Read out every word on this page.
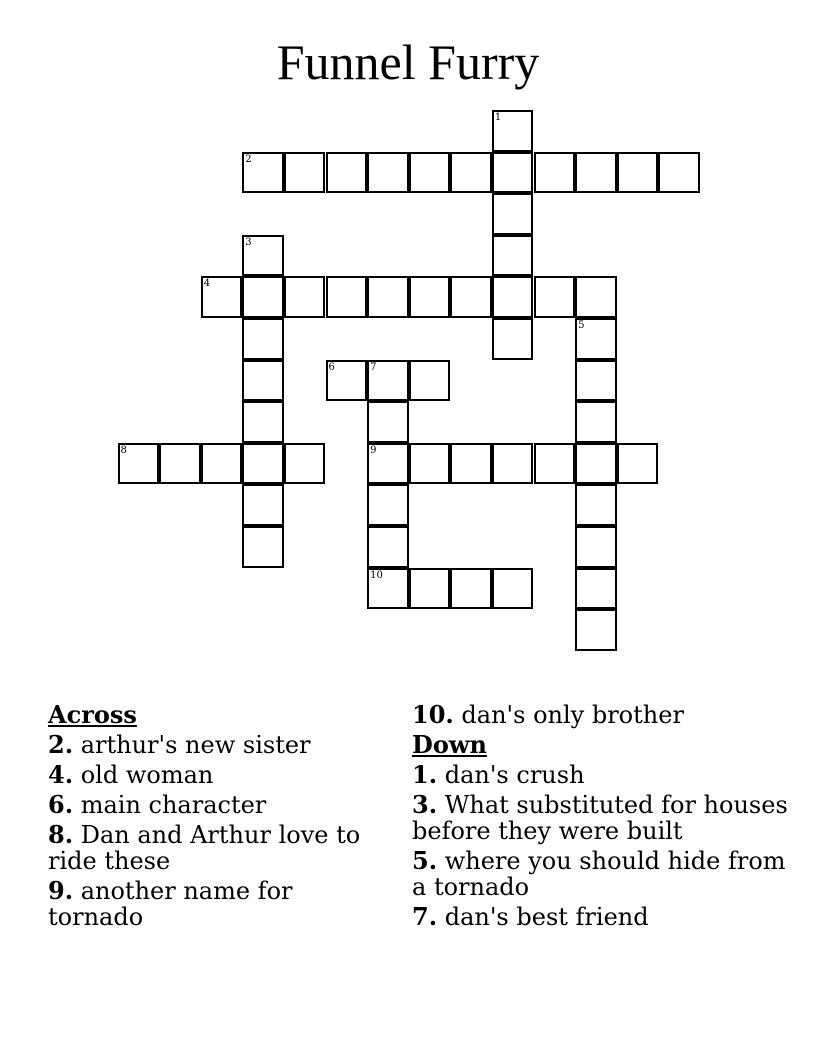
Funnel Furry
1
2
3
4
5
6	7
9
10
8
Across
2. arthur's new sister
4. old woman
6. main character
8. Dan and Arthur love to ride these
9. another name for tornado
10. dan's only brother
Down
1. dan's crush
3. What substituted for houses before they were built
5. where you should hide from a tornado
7. dan's best friend
